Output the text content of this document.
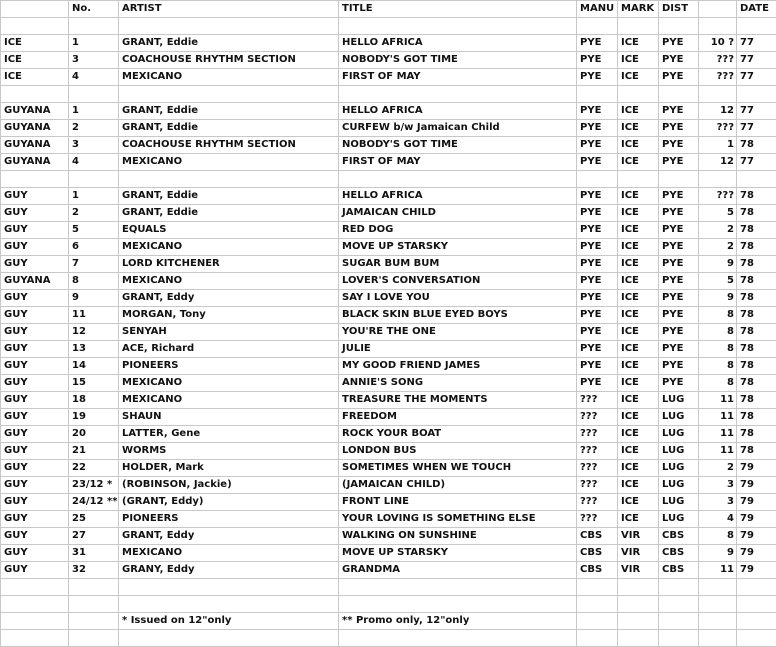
	No.	ARTIST	TITLE	MANU	MARK	DIST		DATE

ICE	1	GRANT, Eddie	HELLO AFRICA	PYE	ICE	PYE	10 ?	77
ICE	3	COACHOUSE RHYTHM SECTION	NOBODY'S GOT TIME	PYE	ICE	PYE	???	77
ICE	4	MEXICANO	FIRST OF MAY	PYE	ICE	PYE	???	77

GUYANA	1	GRANT, Eddie	HELLO AFRICA	PYE	ICE	PYE	12	77
GUYANA	2	GRANT, Eddie	CURFEW b/w Jamaican Child	PYE	ICE	PYE	???	77
GUYANA	3	COACHOUSE RHYTHM SECTION	NOBODY'S GOT TIME	PYE	ICE	PYE	1	78
GUYANA	4	MEXICANO	FIRST OF MAY	PYE	ICE	PYE	12	77

GUY	1	GRANT, Eddie	HELLO AFRICA	PYE	ICE	PYE	???	78
GUY	2	GRANT, Eddie	JAMAICAN CHILD	PYE	ICE	PYE	5	78
GUY	5	EQUALS	RED DOG	PYE	ICE	PYE	2	78
GUY	6	MEXICANO	MOVE UP STARSKY	PYE	ICE	PYE	2	78
GUY	7	LORD KITCHENER	SUGAR BUM BUM	PYE	ICE	PYE	9	78
GUYANA	8	MEXICANO	LOVER'S CONVERSATION	PYE	ICE	PYE	5	78
GUY	9	GRANT, Eddy	SAY I LOVE YOU	PYE	ICE	PYE	9	78
GUY	11	MORGAN, Tony	BLACK SKIN BLUE EYED BOYS	PYE	ICE	PYE	8	78
GUY	12	SENYAH	YOU'RE THE ONE	PYE	ICE	PYE	8	78
GUY	13	ACE, Richard	JULIE	PYE	ICE	PYE	8	78
GUY	14	PIONEERS	MY GOOD FRIEND JAMES	PYE	ICE	PYE	8	78
GUY	15	MEXICANO	ANNIE'S SONG	PYE	ICE	PYE	8	78
GUY	18	MEXICANO	TREASURE THE MOMENTS	???	ICE	LUG	11	78
GUY	19	SHAUN	FREEDOM	???	ICE	LUG	11	78
GUY	20	LATTER, Gene	ROCK YOUR BOAT	???	ICE	LUG	11	78
GUY	21	WORMS	LONDON BUS	???	ICE	LUG	11	78
GUY	22	HOLDER, Mark	SOMETIMES WHEN WE TOUCH	???	ICE	LUG	2	79
GUY	23/12 *	(ROBINSON, Jackie)	(JAMAICAN CHILD)	???	ICE	LUG	3	79
GUY	24/12 **	(GRANT, Eddy)	FRONT LINE	???	ICE	LUG	3	79
GUY	25	PIONEERS	YOUR LOVING IS SOMETHING ELSE	???	ICE	LUG	4	79
GUY	27	GRANT, Eddy	WALKING ON SUNSHINE	CBS	VIR	CBS	8	79
GUY	31	MEXICANO	MOVE UP STARSKY	CBS	VIR	CBS	9	79
GUY	32	GRANY, Eddy	GRANDMA	CBS	VIR	CBS	11	79

		* Issued on 12"only	** Promo only, 12"only					
